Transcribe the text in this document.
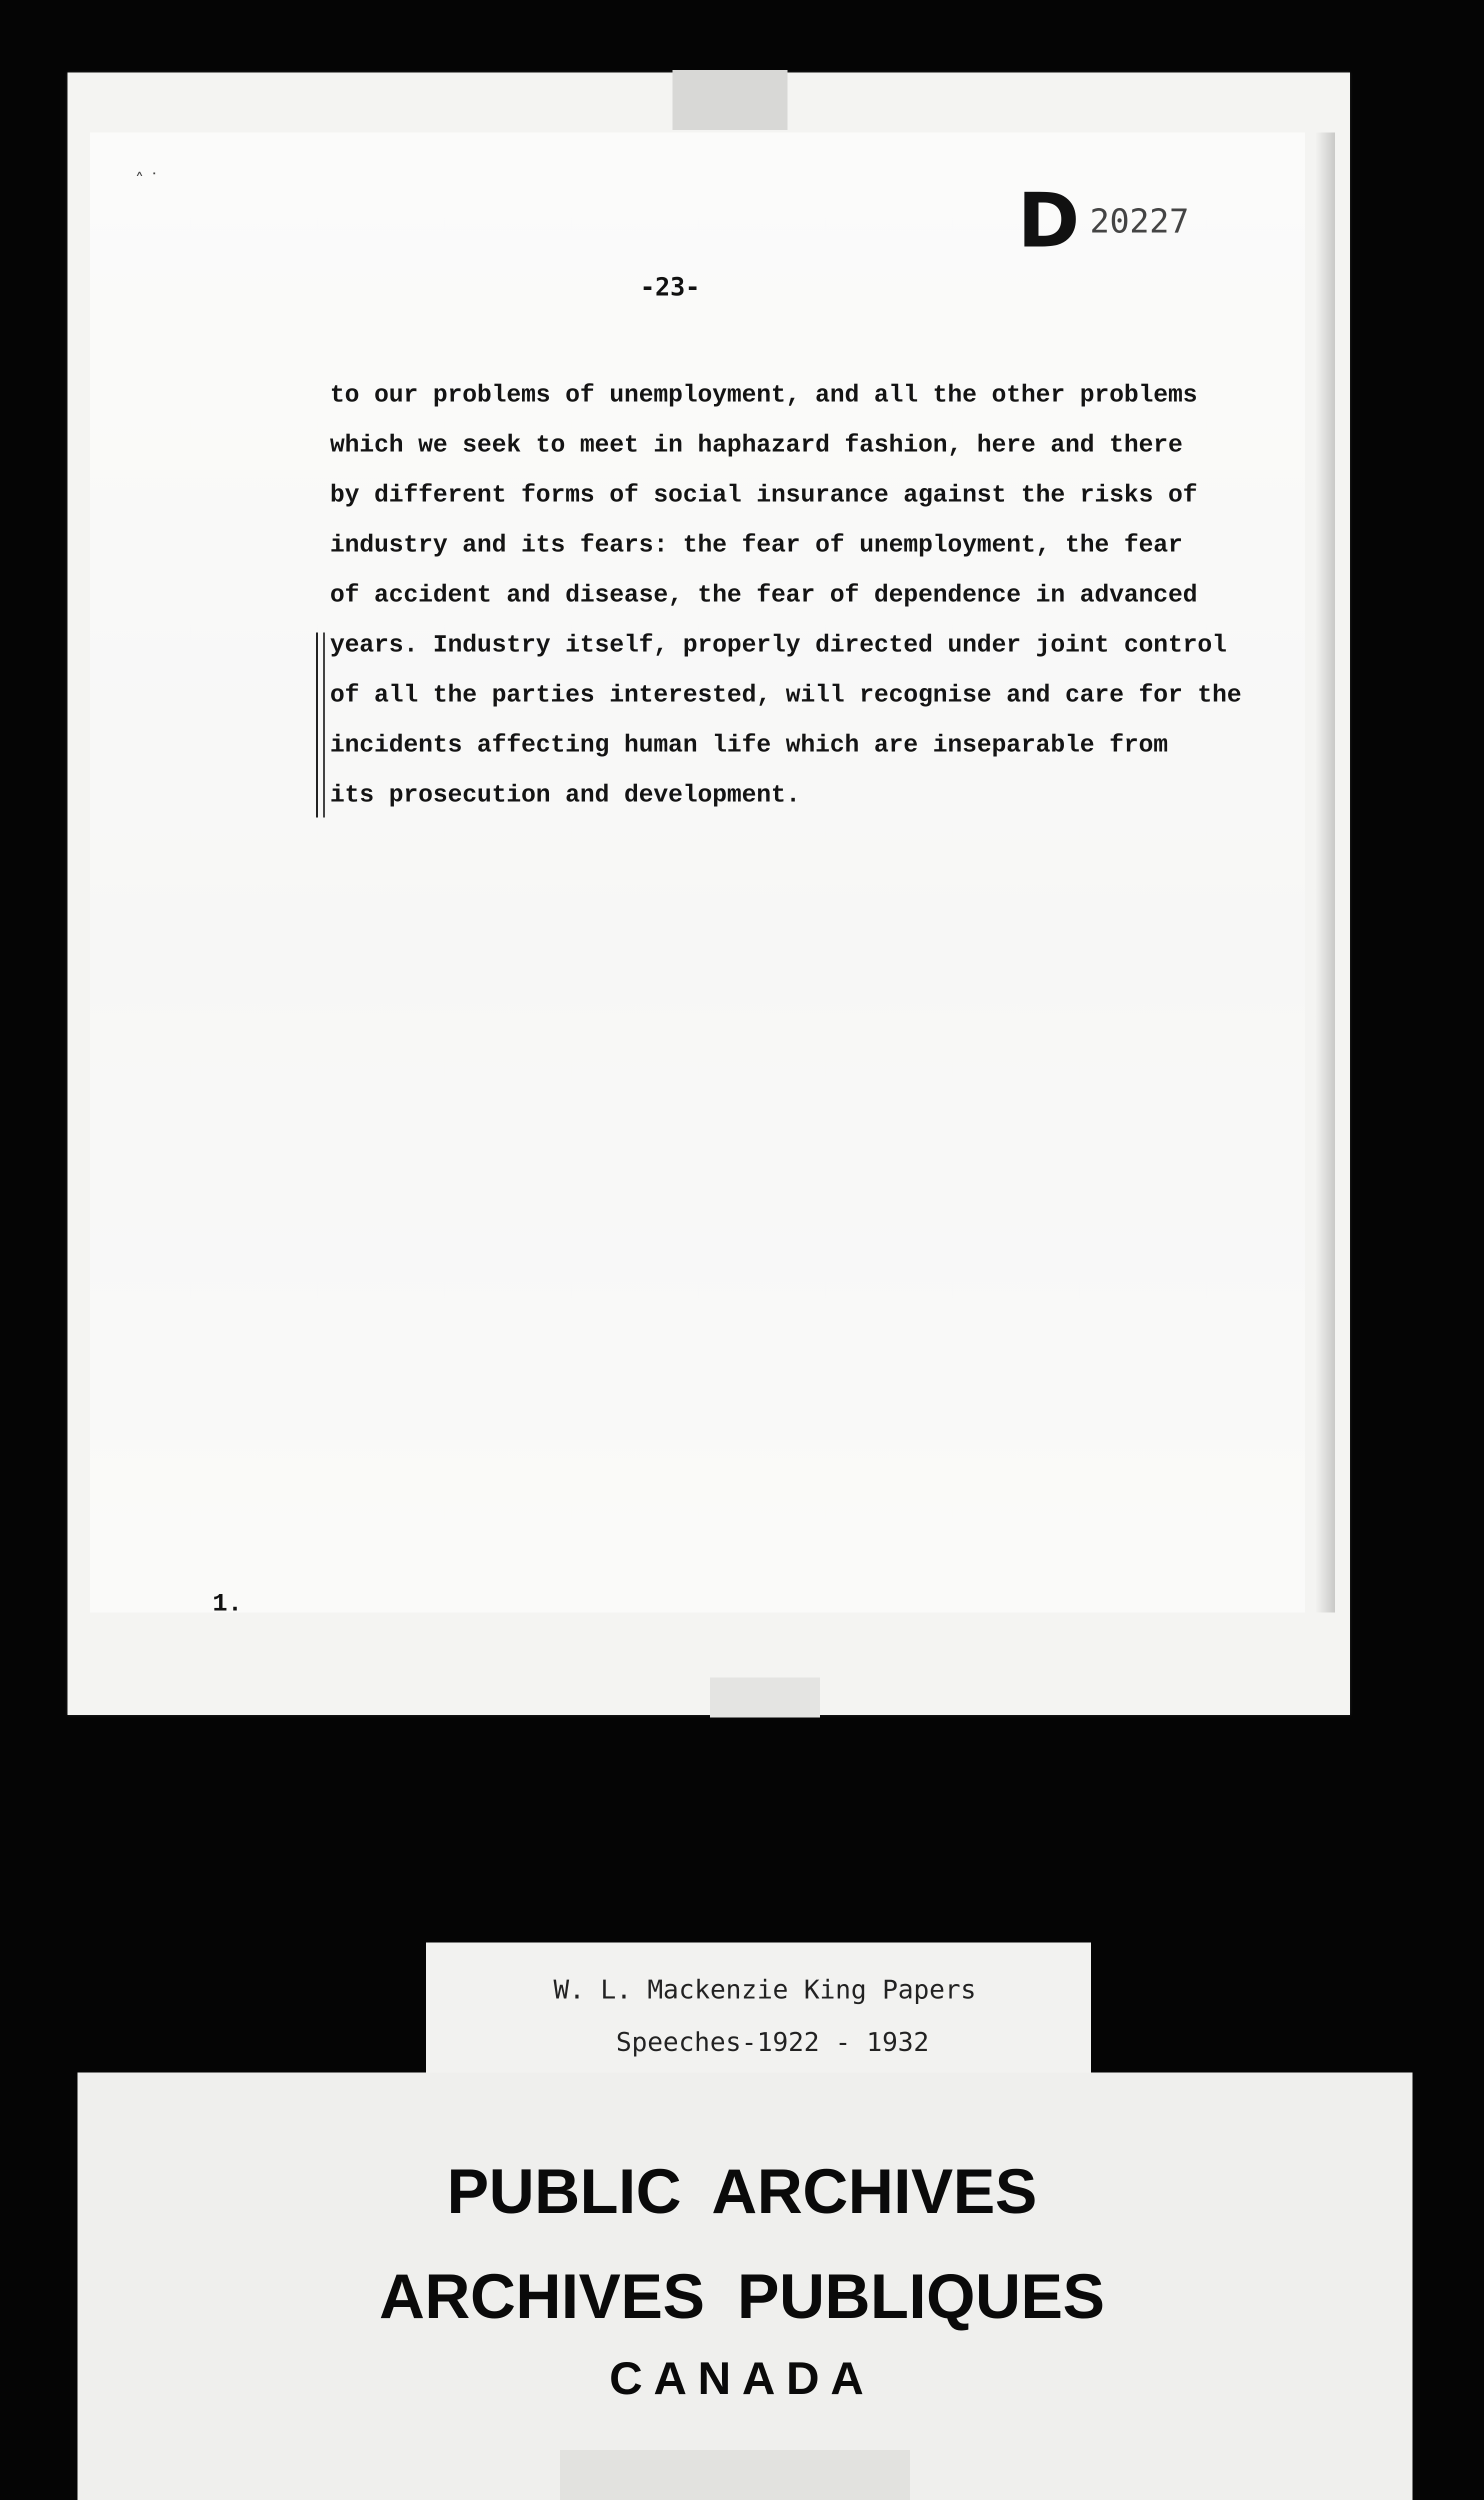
˄ ˙	D 20227
-23-
to our problems of unemployment, and all the other problems
which we seek to meet in haphazard fashion, here and there
by different forms of social insurance against the risks of
industry and its fears: the fear of unemployment, the fear
of accident and disease, the fear of dependence in advanced
years. Industry itself, properly directed under joint control
of all the parties interested, will recognise and care for the
incidents affecting human life which are inseparable from
its prosecution and development.
1.
W. L. Mackenzie King Papers
Speeches-1922 - 1932
PUBLIC ARCHIVES
ARCHIVES PUBLIQUES
CANADA
